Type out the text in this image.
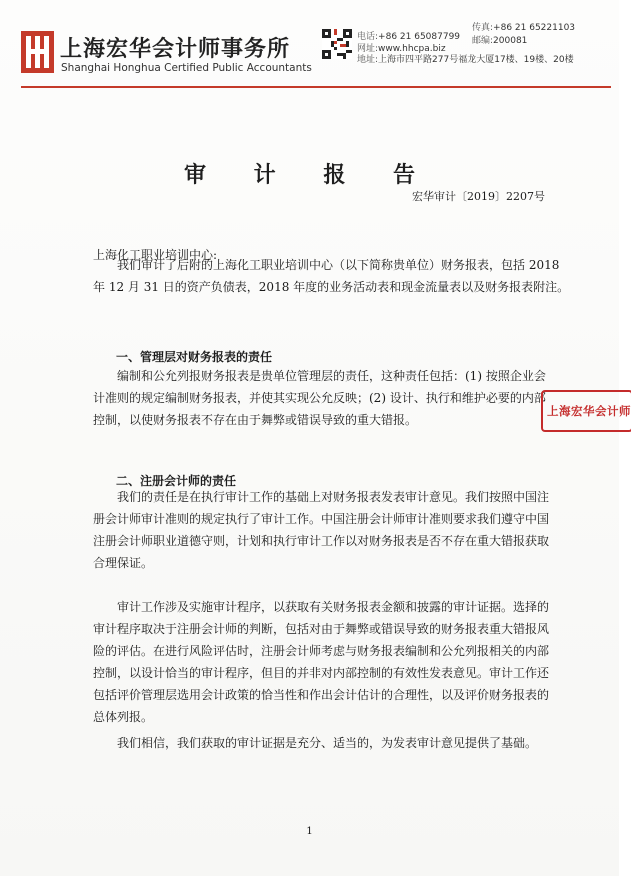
上海宏华会计师事务所
Shanghai Honghua Certified Public Accountants
电话:+86 21 65087799
网址:www.hhcpa.biz
地址:上海市四平路277号福龙大厦17楼、19楼、20楼
传真:+86 21 65221103
邮编:200081
审 计 报 告
宏华审计〔2019〕2207号
上海化工职业培训中心:
我们审计了后附的上海化工职业培训中心（以下简称贵单位）财务报表，包括 2018
年 12 月 31 日的资产负债表，2018 年度的业务活动表和现金流量表以及财务报表附注。
一、管理层对财务报表的责任
编制和公允列报财务报表是贵单位管理层的责任，这种责任包括：(1) 按照企业会
计准则的规定编制财务报表，并使其实现公允反映；(2) 设计、执行和维护必要的内部
控制，以使财务报表不存在由于舞弊或错误导致的重大错报。
上海宏华会计师
二、注册会计师的责任
我们的责任是在执行审计工作的基础上对财务报表发表审计意见。我们按照中国注
册会计师审计准则的规定执行了审计工作。中国注册会计师审计准则要求我们遵守中国
注册会计师职业道德守则，计划和执行审计工作以对财务报表是否不存在重大错报获取
合理保证。
审计工作涉及实施审计程序，以获取有关财务报表金额和披露的审计证据。选择的
审计程序取决于注册会计师的判断，包括对由于舞弊或错误导致的财务报表重大错报风
险的评估。在进行风险评估时，注册会计师考虑与财务报表编制和公允列报相关的内部
控制，以设计恰当的审计程序，但目的并非对内部控制的有效性发表意见。审计工作还
包括评价管理层选用会计政策的恰当性和作出会计估计的合理性，以及评价财务报表的
总体列报。
我们相信，我们获取的审计证据是充分、适当的，为发表审计意见提供了基础。
1
